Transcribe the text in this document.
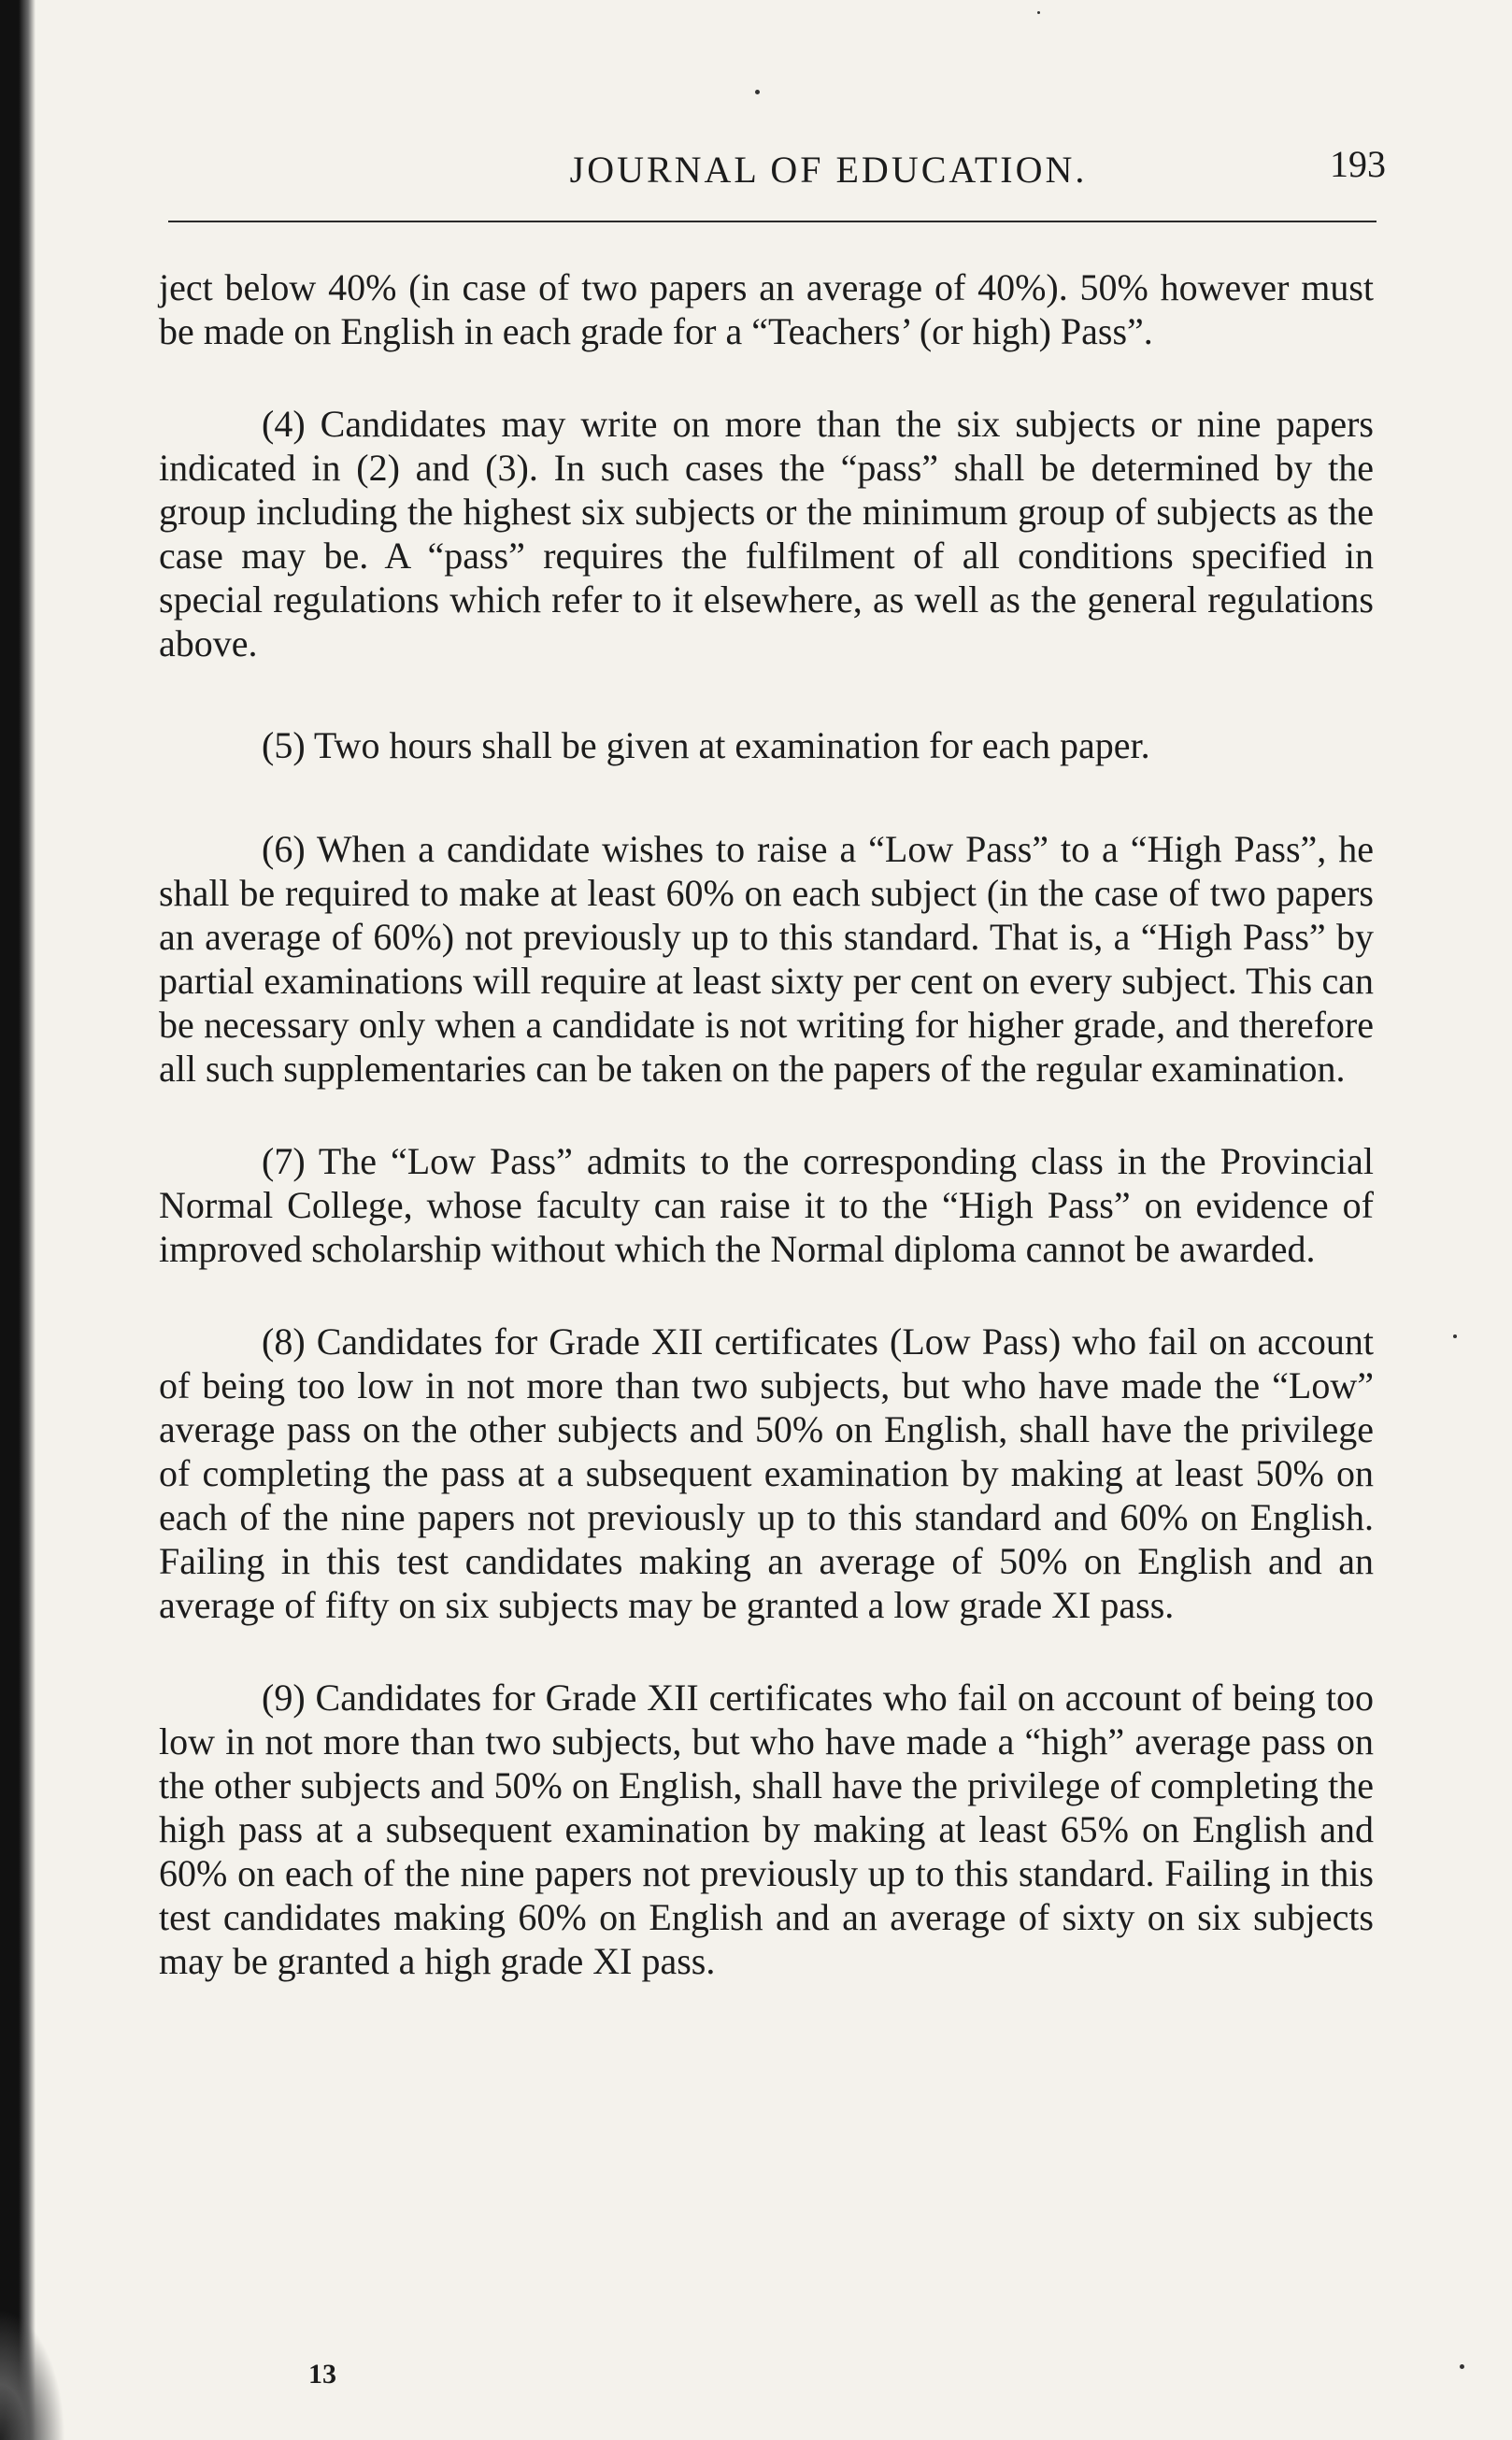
JOURNAL OF EDUCATION.	193

ject below 40% (in case of two papers an average of 40%). 50% however must be made on English in each grade for a “Teachers’ (or high) Pass”.

(4) Candidates may write on more than the six subjects or nine papers indicated in (2) and (3). In such cases the “pass” shall be determined by the group including the highest six subjects or the minimum group of subjects as the case may be. A “pass” requires the fulfilment of all conditions specified in special regulations which refer to it elsewhere, as well as the general regulations above.

(5) Two hours shall be given at examination for each paper.

(6) When a candidate wishes to raise a “Low Pass” to a “High Pass”, he shall be required to make at least 60% on each subject (in the case of two papers an average of 60%) not previously up to this standard. That is, a “High Pass” by partial examinations will require at least sixty per cent on every subject. This can be necessary only when a candidate is not writing for higher grade, and therefore all such supplementaries can be taken on the papers of the regular examination.

(7) The “Low Pass” admits to the corresponding class in the Provincial Normal College, whose faculty can raise it to the “High Pass” on evidence of improved scholarship without which the Normal diploma cannot be awarded.

(8) Candidates for Grade XII certificates (Low Pass) who fail on account of being too low in not more than two subjects, but who have made the “Low” average pass on the other subjects and 50% on English, shall have the privilege of completing the pass at a subsequent examination by making at least 50% on each of the nine papers not previously up to this standard and 60% on English. Failing in this test candidates making an average of 50% on English and an average of fifty on six subjects may be granted a low grade XI pass.

(9) Candidates for Grade XII certificates who fail on account of being too low in not more than two subjects, but who have made a “high” average pass on the other subjects and 50% on English, shall have the privilege of completing the high pass at a subsequent examination by making at least 65% on English and 60% on each of the nine papers not previously up to this standard. Failing in this test candidates making 60% on English and an average of sixty on six subjects may be granted a high grade XI pass.

13
